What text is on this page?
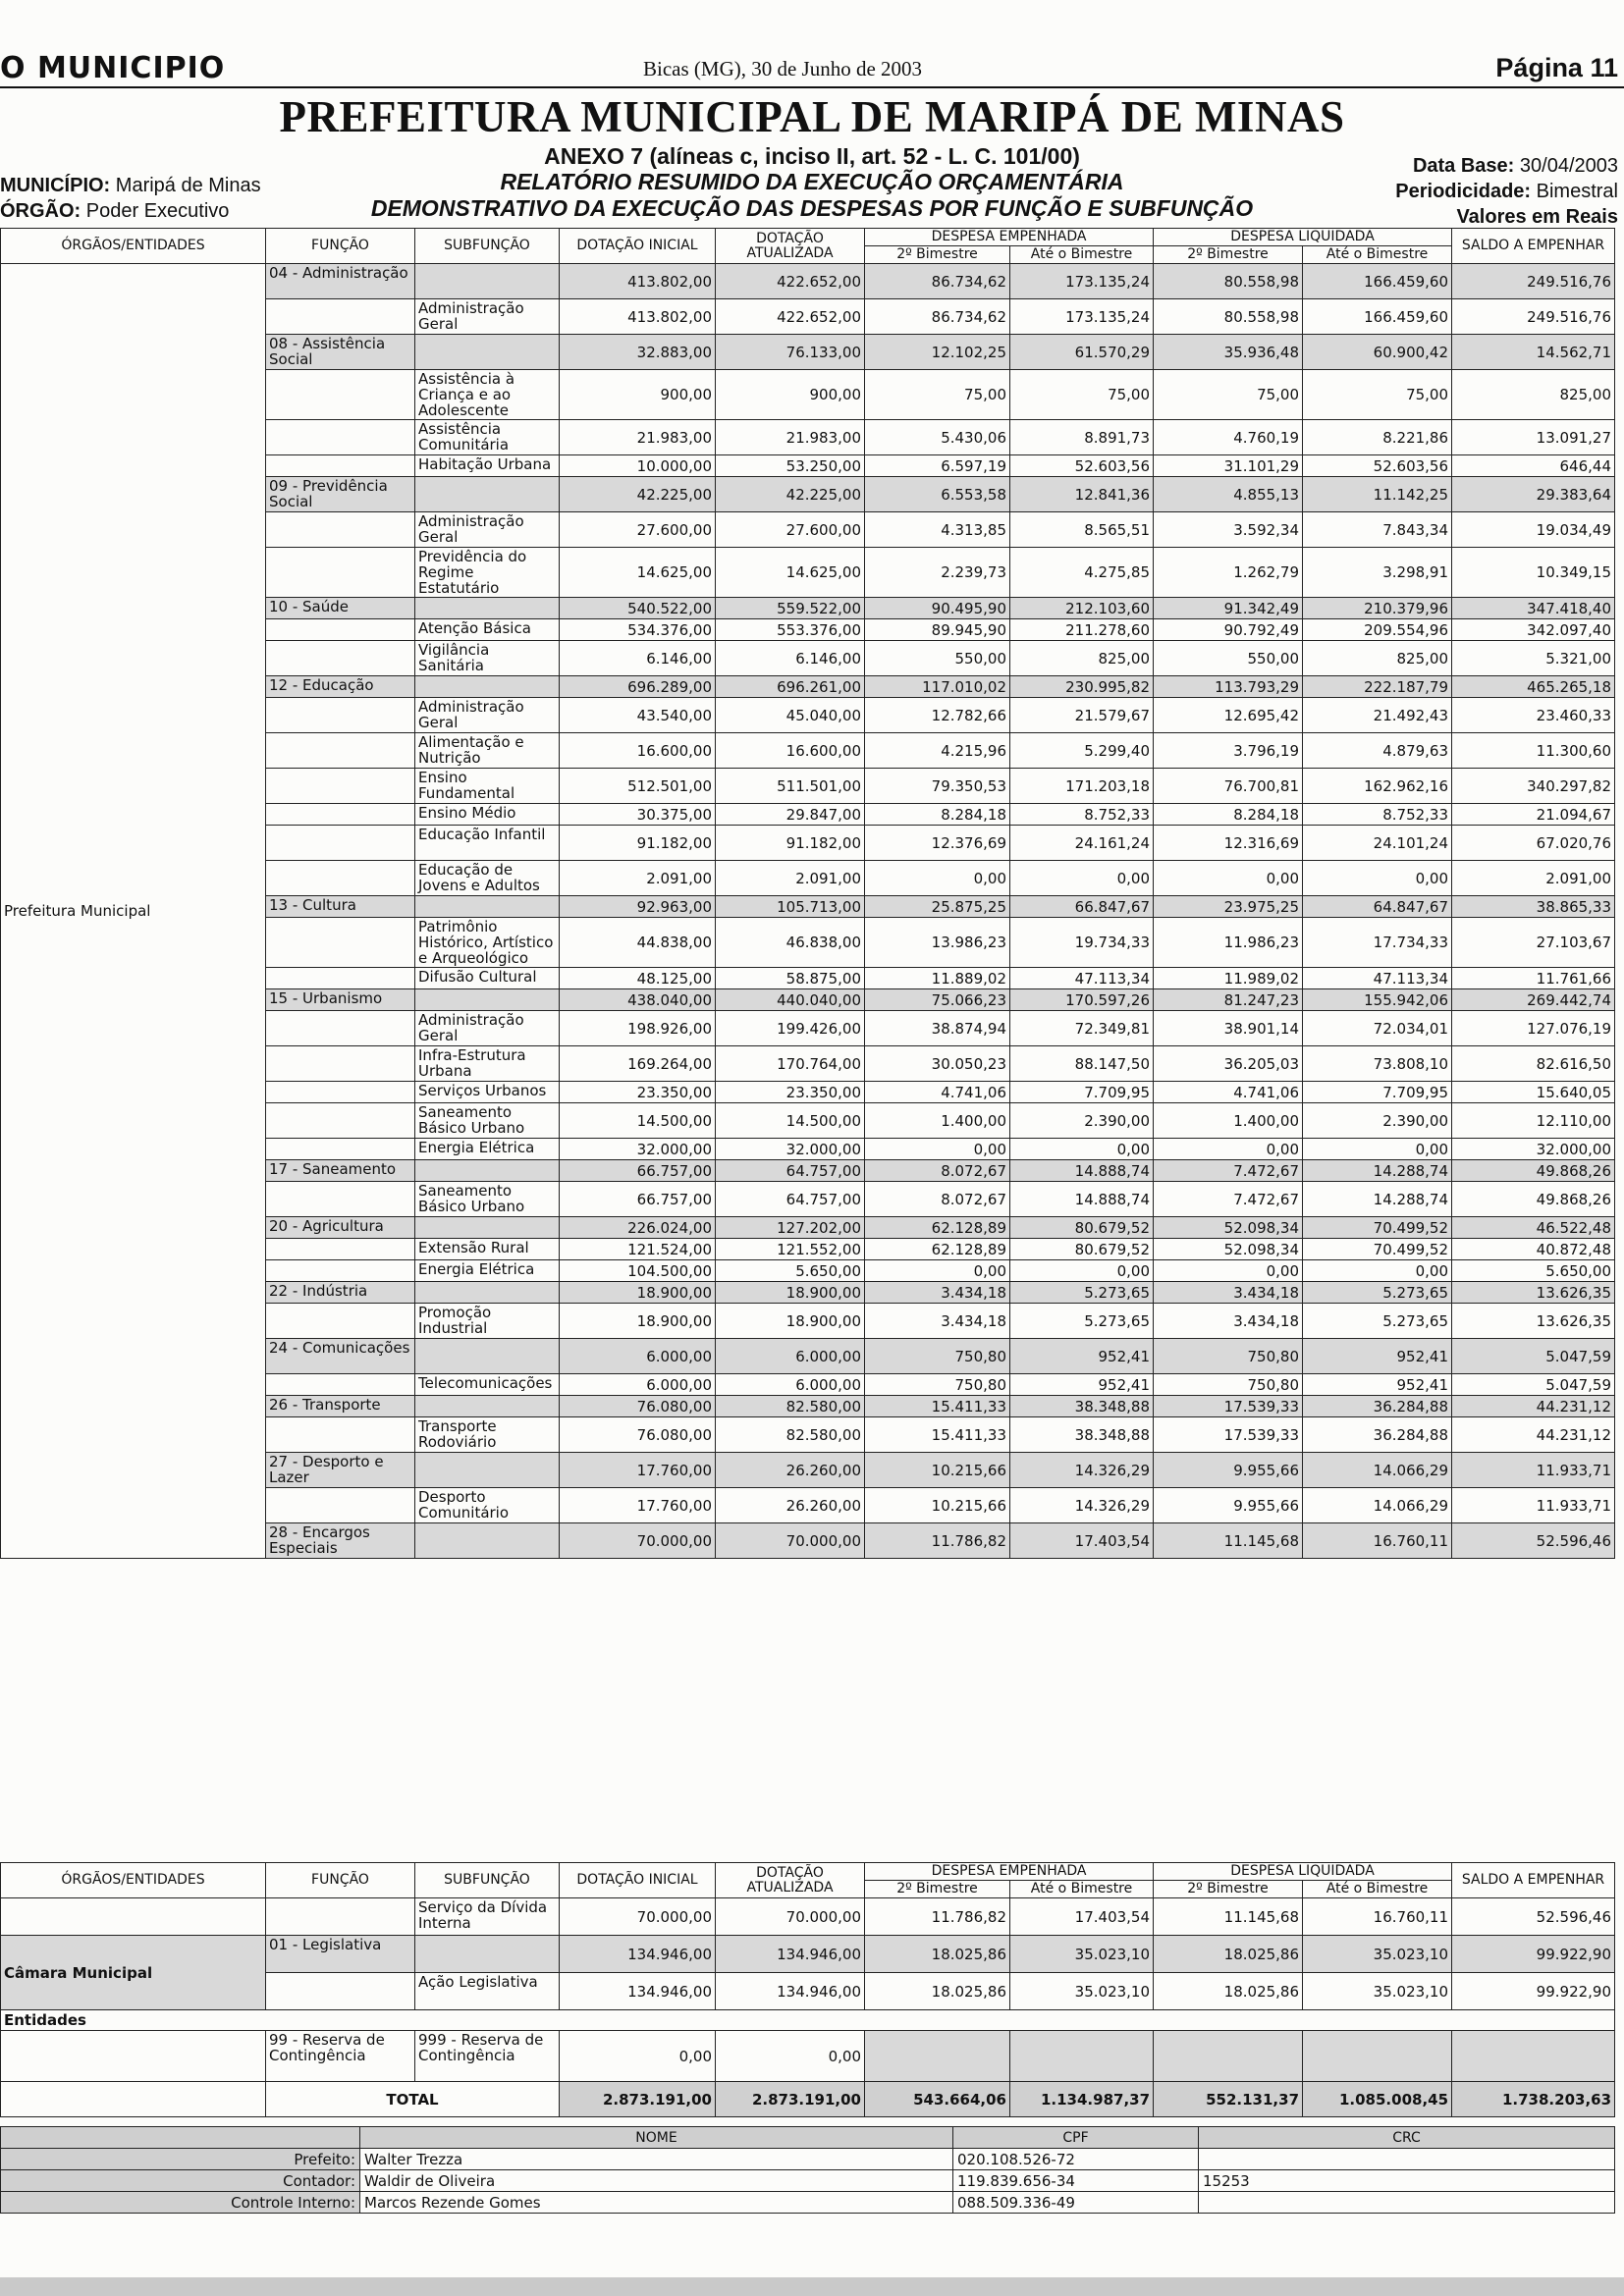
O MUNICIPIO	Bicas (MG), 30 de Junho de 2003	Página 11
PREFEITURA MUNICIPAL DE MARIPÁ DE MINAS
ANEXO 7 (alíneas c, inciso II, art. 52 - L. C. 101/00)
RELATÓRIO RESUMIDO DA EXECUÇÃO ORÇAMENTÁRIA
DEMONSTRATIVO DA EXECUÇÃO DAS DESPESAS POR FUNÇÃO E SUBFUNÇÃO
MUNICÍPIO: Maripá de Minas
ÓRGÃO: Poder Executivo
Data Base: 30/04/2003
Periodicidade: Bimestral
Valores em Reais
ÓRGÃOS/ENTIDADES	FUNÇÃO	SUBFUNÇÃO	DOTAÇÃO INICIAL	DOTAÇÃO ATUALIZADA	DESPESA EMPENHADA		DESPESA LIQUIDADA		SALDO A EMPENHAR
					2º Bimestre	Até o Bimestre	2º Bimestre	Até o Bimestre	
Prefeitura Municipal	04 - Administração		413.802,00	422.652,00	86.734,62	173.135,24	80.558,98	166.459,60	249.516,76
		Administração Geral	413.802,00	422.652,00	86.734,62	173.135,24	80.558,98	166.459,60	249.516,76
	08 - Assistência Social		32.883,00	76.133,00	12.102,25	61.570,29	35.936,48	60.900,42	14.562,71
		Assistência à Criança e ao Adolescente	900,00	900,00	75,00	75,00	75,00	75,00	825,00
		Assistência Comunitária	21.983,00	21.983,00	5.430,06	8.891,73	4.760,19	8.221,86	13.091,27
		Habitação Urbana	10.000,00	53.250,00	6.597,19	52.603,56	31.101,29	52.603,56	646,44
	09 - Previdência Social		42.225,00	42.225,00	6.553,58	12.841,36	4.855,13	11.142,25	29.383,64
		Administração Geral	27.600,00	27.600,00	4.313,85	8.565,51	3.592,34	7.843,34	19.034,49
		Previdência do Regime Estatutário	14.625,00	14.625,00	2.239,73	4.275,85	1.262,79	3.298,91	10.349,15
	10 - Saúde		540.522,00	559.522,00	90.495,90	212.103,60	91.342,49	210.379,96	347.418,40
		Atenção Básica	534.376,00	553.376,00	89.945,90	211.278,60	90.792,49	209.554,96	342.097,40
		Vigilância Sanitária	6.146,00	6.146,00	550,00	825,00	550,00	825,00	5.321,00
	12 - Educação		696.289,00	696.261,00	117.010,02	230.995,82	113.793,29	222.187,79	465.265,18
		Administração Geral	43.540,00	45.040,00	12.782,66	21.579,67	12.695,42	21.492,43	23.460,33
		Alimentação e Nutrição	16.600,00	16.600,00	4.215,96	5.299,40	3.796,19	4.879,63	11.300,60
		Ensino Fundamental	512.501,00	511.501,00	79.350,53	171.203,18	76.700,81	162.962,16	340.297,82
		Ensino Médio	30.375,00	29.847,00	8.284,18	8.752,33	8.284,18	8.752,33	21.094,67
		Educação Infantil	91.182,00	91.182,00	12.376,69	24.161,24	12.316,69	24.101,24	67.020,76
		Educação de Jovens e Adultos	2.091,00	2.091,00	0,00	0,00	0,00	0,00	2.091,00
	13 - Cultura		92.963,00	105.713,00	25.875,25	66.847,67	23.975,25	64.847,67	38.865,33
		Patrimônio Histórico, Artístico e Arqueológico	44.838,00	46.838,00	13.986,23	19.734,33	11.986,23	17.734,33	27.103,67
		Difusão Cultural	48.125,00	58.875,00	11.889,02	47.113,34	11.989,02	47.113,34	11.761,66
	15 - Urbanismo		438.040,00	440.040,00	75.066,23	170.597,26	81.247,23	155.942,06	269.442,74
		Administração Geral	198.926,00	199.426,00	38.874,94	72.349,81	38.901,14	72.034,01	127.076,19
		Infra-Estrutura Urbana	169.264,00	170.764,00	30.050,23	88.147,50	36.205,03	73.808,10	82.616,50
		Serviços Urbanos	23.350,00	23.350,00	4.741,06	7.709,95	4.741,06	7.709,95	15.640,05
		Saneamento Básico Urbano	14.500,00	14.500,00	1.400,00	2.390,00	1.400,00	2.390,00	12.110,00
		Energia Elétrica	32.000,00	32.000,00	0,00	0,00	0,00	0,00	32.000,00
	17 - Saneamento		66.757,00	64.757,00	8.072,67	14.888,74	7.472,67	14.288,74	49.868,26
		Saneamento Básico Urbano	66.757,00	64.757,00	8.072,67	14.888,74	7.472,67	14.288,74	49.868,26
	20 - Agricultura		226.024,00	127.202,00	62.128,89	80.679,52	52.098,34	70.499,52	46.522,48
		Extensão Rural	121.524,00	121.552,00	62.128,89	80.679,52	52.098,34	70.499,52	40.872,48
		Energia Elétrica	104.500,00	5.650,00	0,00	0,00	0,00	0,00	5.650,00
	22 - Indústria		18.900,00	18.900,00	3.434,18	5.273,65	3.434,18	5.273,65	13.626,35
		Promoção Industrial	18.900,00	18.900,00	3.434,18	5.273,65	3.434,18	5.273,65	13.626,35
	24 - Comunicações		6.000,00	6.000,00	750,80	952,41	750,80	952,41	5.047,59
		Telecomunicações	6.000,00	6.000,00	750,80	952,41	750,80	952,41	5.047,59
	26 - Transporte		76.080,00	82.580,00	15.411,33	38.348,88	17.539,33	36.284,88	44.231,12
		Transporte Rodoviário	76.080,00	82.580,00	15.411,33	38.348,88	17.539,33	36.284,88	44.231,12
	27 - Desporto e Lazer		17.760,00	26.260,00	10.215,66	14.326,29	9.955,66	14.066,29	11.933,71
		Desporto Comunitário	17.760,00	26.260,00	10.215,66	14.326,29	9.955,66	14.066,29	11.933,71
	28 - Encargos Especiais		70.000,00	70.000,00	11.786,82	17.403,54	11.145,68	16.760,11	52.596,46
ÓRGÃOS/ENTIDADES	FUNÇÃO	SUBFUNÇÃO	DOTAÇÃO INICIAL	DOTAÇÃO ATUALIZADA	DESPESA EMPENHADA		DESPESA LIQUIDADA		SALDO A EMPENHAR
					2º Bimestre	Até o Bimestre	2º Bimestre	Até o Bimestre	
		Serviço da Dívida Interna	70.000,00	70.000,00	11.786,82	17.403,54	11.145,68	16.760,11	52.596,46
Câmara Municipal	01 - Legislativa		134.946,00	134.946,00	18.025,86	35.023,10	18.025,86	35.023,10	99.922,90
		Ação Legislativa	134.946,00	134.946,00	18.025,86	35.023,10	18.025,86	35.023,10	99.922,90
Entidades									
	99 - Reserva de Contingência	999 - Reserva de Contingência	0,00	0,00					
	TOTAL		2.873.191,00	2.873.191,00	543.664,06	1.134.987,37	552.131,37	1.085.008,45	1.738.203,63
	NOME	CPF	CRC
Prefeito:	Walter Trezza	020.108.526-72	
Contador:	Waldir de Oliveira	119.839.656-34	15253
Controle Interno:	Marcos Rezende Gomes	088.509.336-49	
